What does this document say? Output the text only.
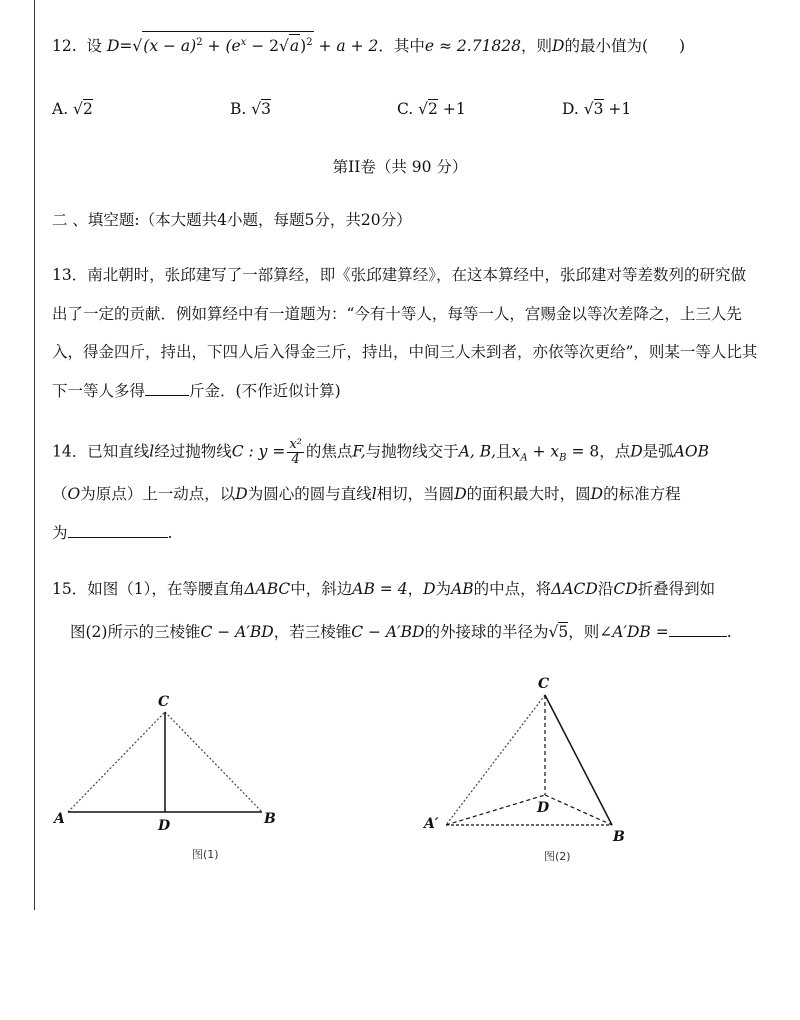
12. 设 $D=√(x - a)^2 + (e^x - 2√a)^2 + a + 2$．其中e ≈ 2.71828，则D的最小值为(　　)
A. √2	B. √3	C. √2 +1	D. √3 +1
第II卷（共 90 分）
二 、填空题:（本大题共4小题，每题5分，共20分）
13．南北朝时，张邱建写了一部算经，即《张邱建算经》，在这本算经中，张邱建对等差数列的研究做
出了一定的贡献．例如算经中有一道题为：“今有十等人，每等一人，宫赐金以等次差降之，上三人先
入，得金四斤，持出，下四人后入得金三斤，持出，中间三人未到者，亦依等次更给”，则某一等人比其
下一等人多得	斤金．(不作近似计算)
14．已知直线l经过抛物线C : $y = \frac{\text{x²}}{4}$ 的焦点F,与抛物线交于A, B,且$x_A + x_B = 8$，点D是弧AOB
（O为原点）上一动点，以D为圆心的圆与直线l相切，当圆D的面积最大时，圆D的标准方程
为	.
15．如图（1），在等腰直角ΔABC中，斜边AB = 4，D为AB的中点，将ΔACD沿CD折叠得到如
图(2)所示的三棱锥C − A′BD，若三棱锥C − A′BD的外接球的半径为√5，则∠A′DB =	.
C
A	D	B
图(1)
C
A′
D
B
图(2)
